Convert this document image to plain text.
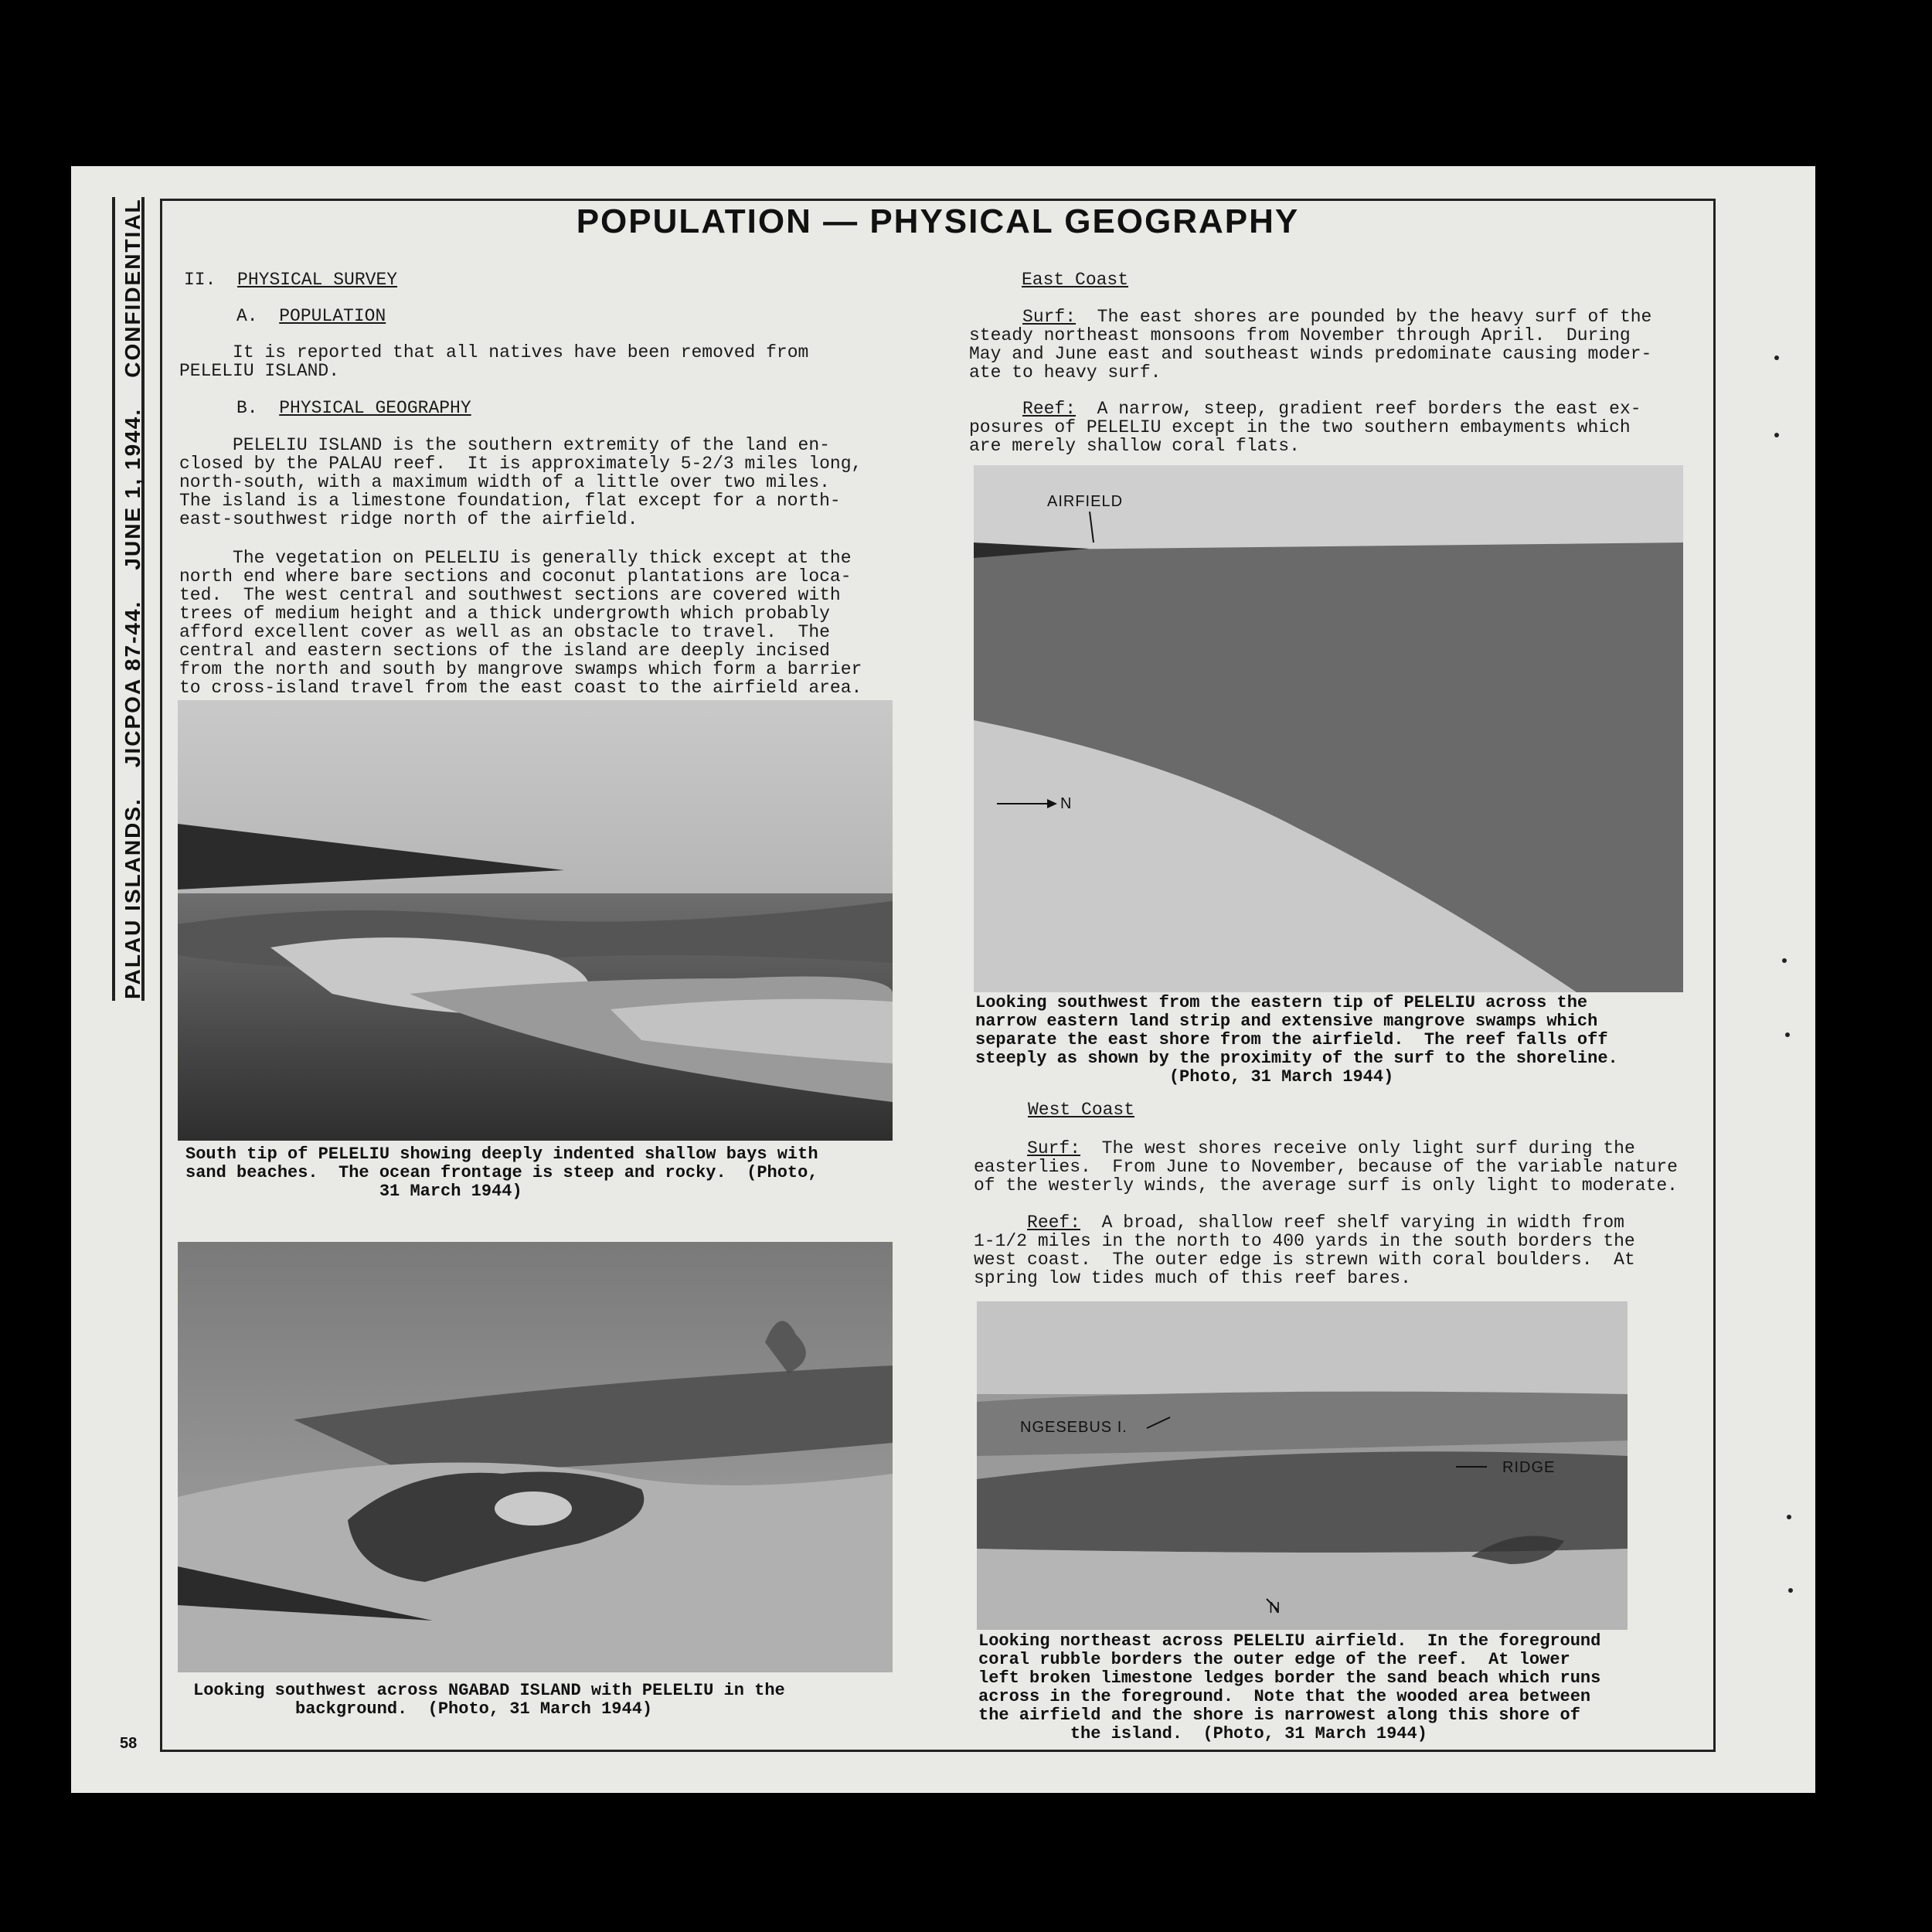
PALAU ISLANDS.    JICPOA 87-44.    JUNE 1, 1944.    CONFIDENTIAL	POPULATION — PHYSICAL GEOGRAPHY
II. PHYSICAL SURVEY
A. POPULATION
It is reported that all natives have been removed from
PELELIU ISLAND.
B. PHYSICAL GEOGRAPHY
PELELIU ISLAND is the southern extremity of the land en-
closed by the PALAU reef.  It is approximately 5-2/3 miles long,
north-south, with a maximum width of a little over two miles.
The island is a limestone foundation, flat except for a north-
east-southwest ridge north of the airfield.
The vegetation on PELELIU is generally thick except at the
north end where bare sections and coconut plantations are loca-
ted.  The west central and southwest sections are covered with
trees of medium height and a thick undergrowth which probably
afford excellent cover as well as an obstacle to travel.  The
central and eastern sections of the island are deeply incised
from the north and south by mangrove swamps which form a barrier
to cross-island travel from the east coast to the airfield area.
South tip of PELELIU showing deeply indented shallow bays with
sand beaches.  The ocean frontage is steep and rocky.  (Photo,
31 March 1944)
Looking southwest across NGABAD ISLAND with PELELIU in the
background.  (Photo, 31 March 1944)
East Coast
Surf:  The east shores are pounded by the heavy surf of the
steady northeast monsoons from November through April.  During
May and June east and southeast winds predominate causing moder-
ate to heavy surf.
Reef:  A narrow, steep, gradient reef borders the east ex-
posures of PELELIU except in the two southern embayments which
are merely shallow coral flats.
AIRFIELD
N
Looking southwest from the eastern tip of PELELIU across the
narrow eastern land strip and extensive mangrove swamps which
separate the east shore from the airfield.  The reef falls off
steeply as shown by the proximity of the surf to the shoreline.
(Photo, 31 March 1944)
West Coast
Surf:  The west shores receive only light surf during the
easterlies.  From June to November, because of the variable nature
of the westerly winds, the average surf is only light to moderate.
Reef:  A broad, shallow reef shelf varying in width from
1-1/2 miles in the north to 400 yards in the south borders the
west coast.  The outer edge is strewn with coral boulders.  At
spring low tides much of this reef bares.
NGESEBUS I.
RIDGE
N
Looking northeast across PELELIU airfield.  In the foreground
coral rubble borders the outer edge of the reef.  At lower
left broken limestone ledges border the sand beach which runs
across in the foreground.  Note that the wooded area between
the airfield and the shore is narrowest along this shore of
the island.  (Photo, 31 March 1944)
58
